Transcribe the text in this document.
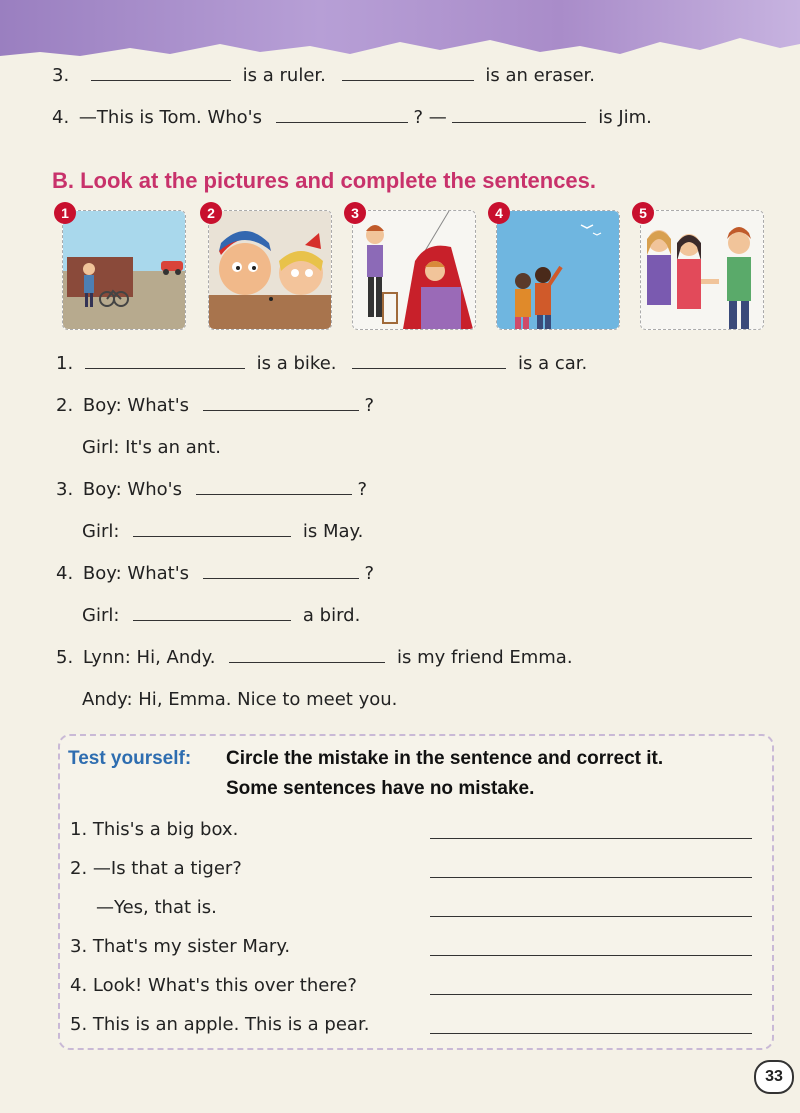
3.	is a ruler.	is an eraser.
4. —This is Tom. Who's	? —	is Jim.
B. Look at the pictures and complete the sentences.
1	2	3	4	5
1.	is a bike.	is a car.
2. Boy: What's	?
Girl: It's an ant.
3. Boy: Who's	?
Girl:	is May.
4. Boy: What's	?
Girl:	a bird.
5. Lynn: Hi, Andy.	is my friend Emma.
Andy: Hi, Emma. Nice to meet you.
Test yourself: Circle the mistake in the sentence and correct it.
Some sentences have no mistake.
1. This's a big box.
2. —Is that a tiger?
—Yes, that is.
3. That's my sister Mary.
4. Look! What's this over there?
5. This is an apple. This is a pear.
33
